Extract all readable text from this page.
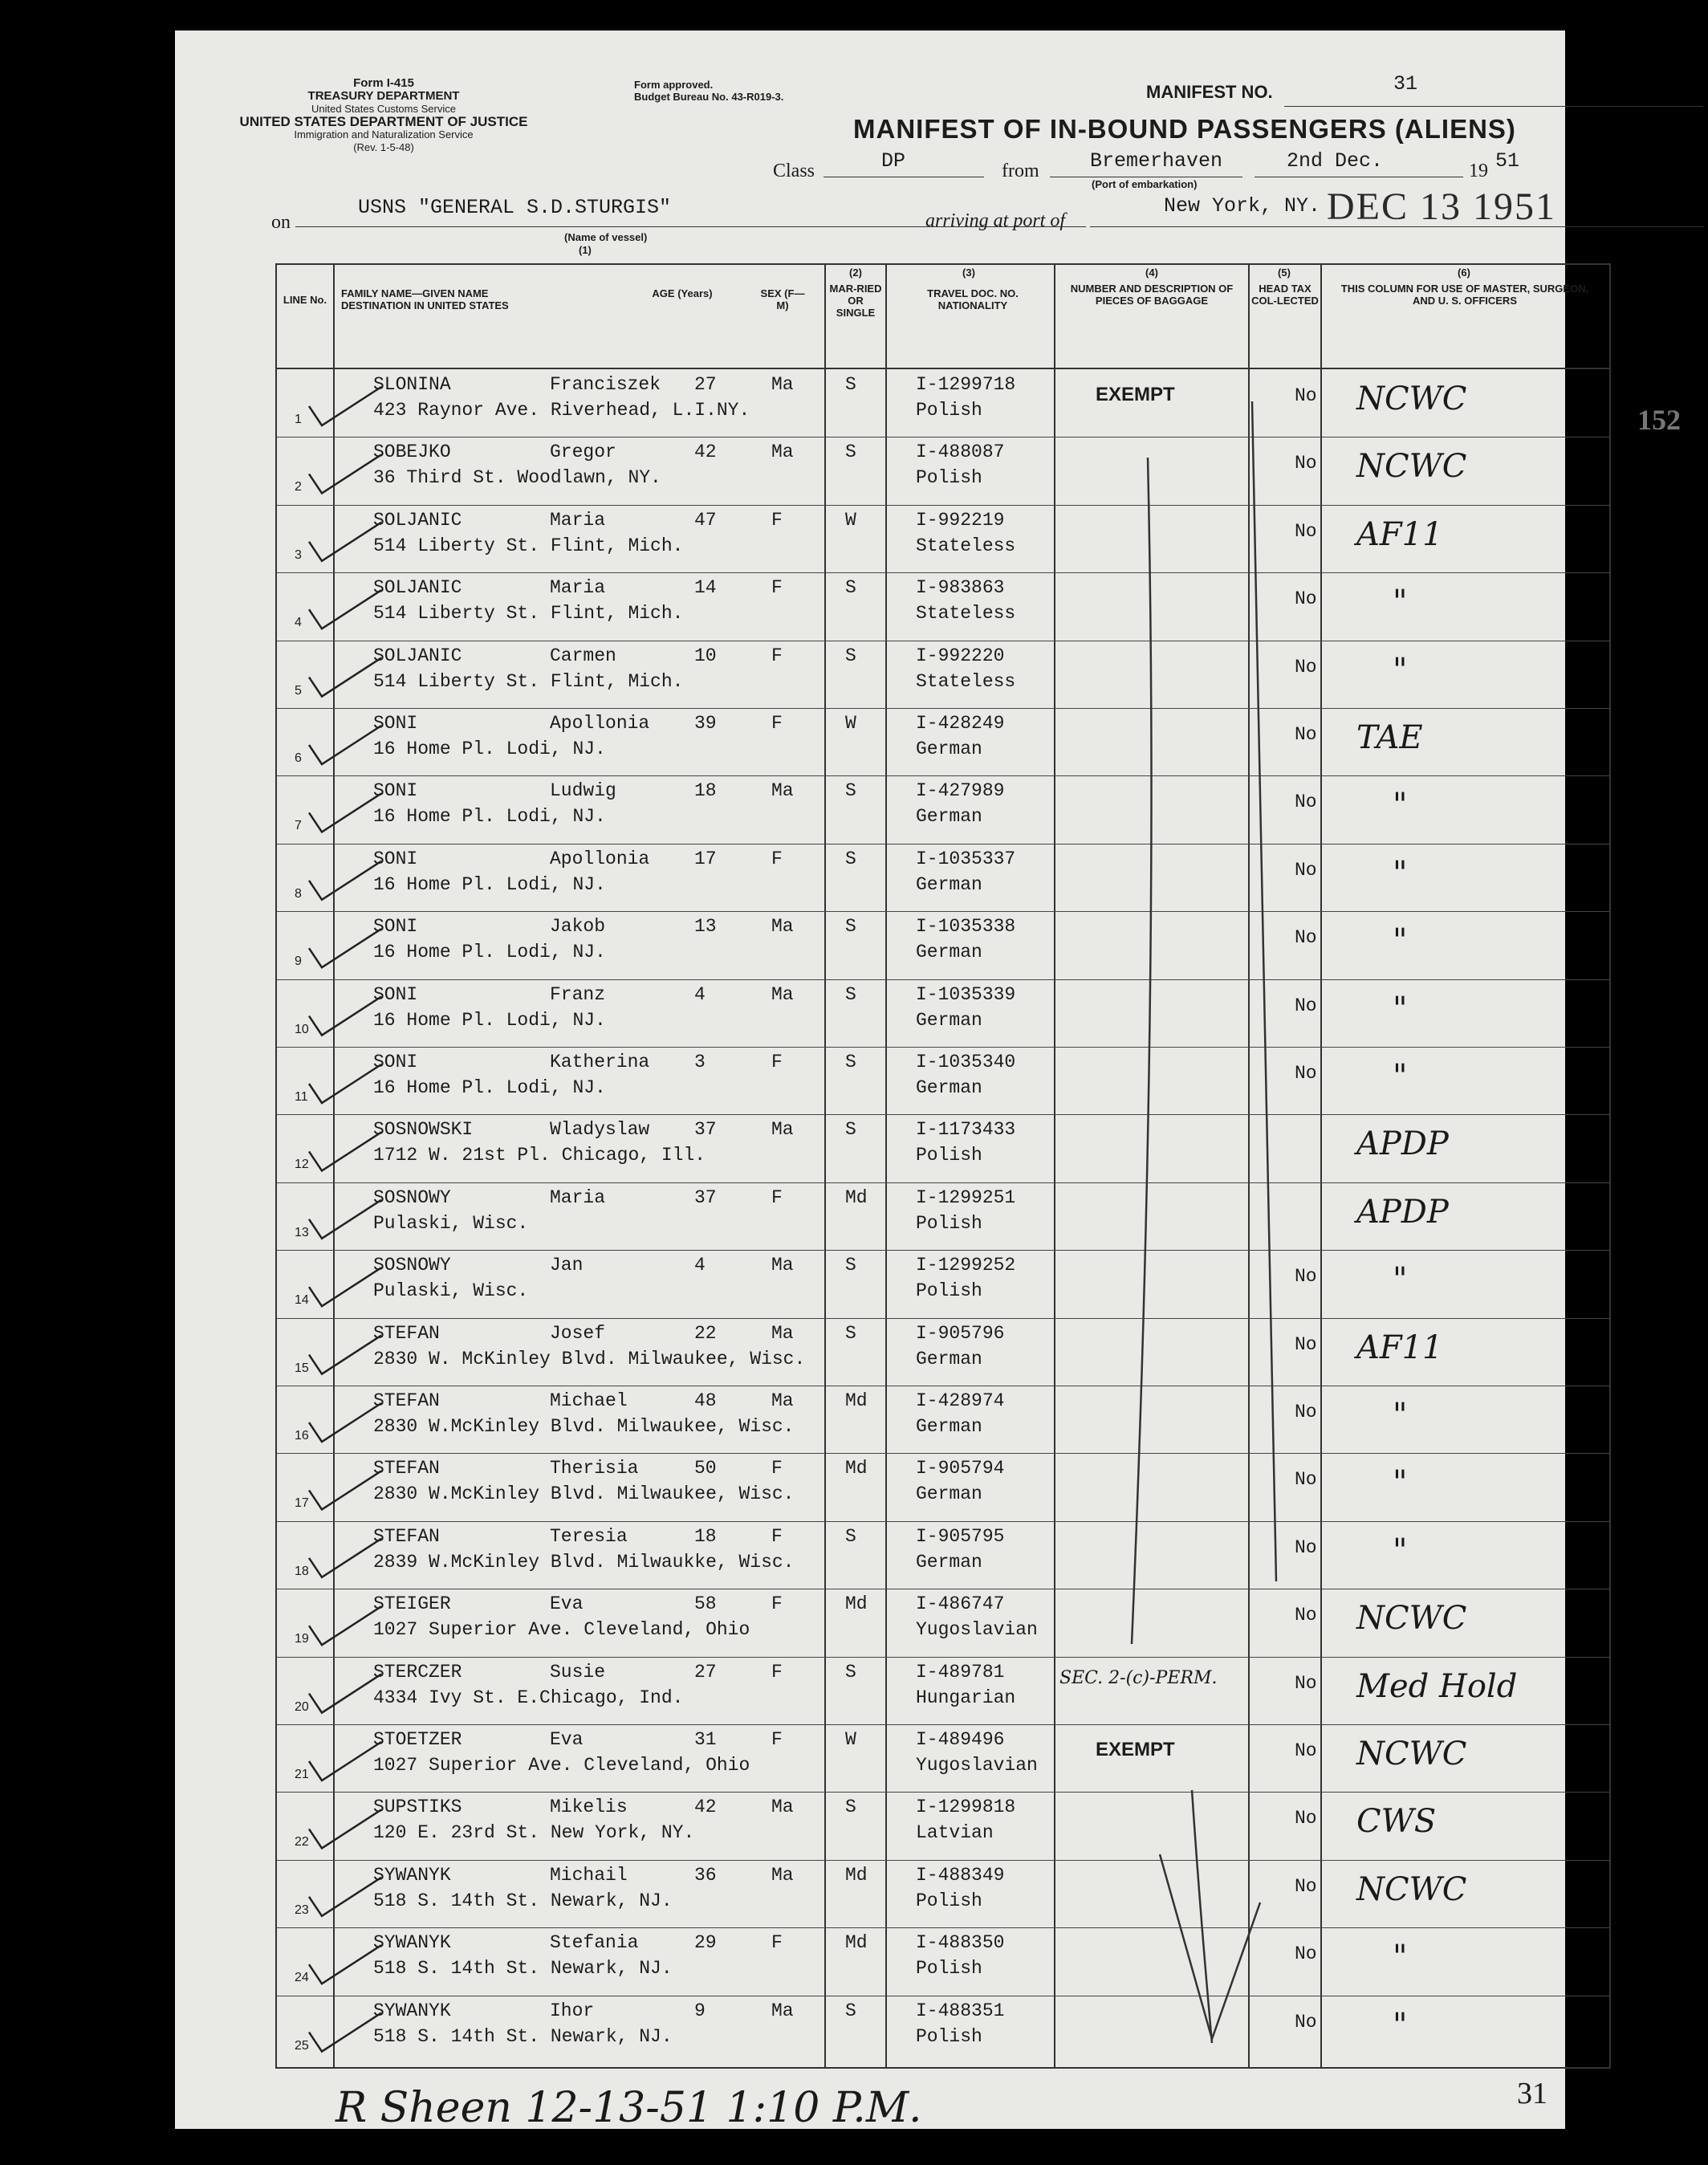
Form I-415
TREASURY DEPARTMENT
United States Customs Service
UNITED STATES DEPARTMENT OF JUSTICE
Immigration and Naturalization Service
(Rev. 1-5-48)
Form approved.
Budget Bureau No. 43-R019-3.	MANIFEST NO.	31
MANIFEST OF IN-BOUND PASSENGERS (ALIENS)
Class	DP	from	Bremerhaven
(Port of embarkation)
2nd Dec.	19 51
on
USNS "GENERAL S.D.STURGIS"
(Name of vessel)
(1)
arriving at port of
New York, NY. DEC 13 1951
152
LINE No.
FAMILY NAME—GIVEN NAME
DESTINATION IN UNITED STATES
AGE (Years)	SEX (F—M)
(2)
MAR-RIED OR SINGLE
(3)
TRAVEL DOC. NO. NATIONALITY
(4)
NUMBER AND DESCRIPTION OF PIECES OF BAGGAGE
(5)
HEAD TAX COL-LECTED
(6)
THIS COLUMN FOR USE OF MASTER, SURGEON, AND U. S. OFFICERS
1
SLONINA	Franciszek 27	Ma	S	I-1299718
423 Raynor Ave. Riverhead, L.I.NY.	Polish
No
EXEMPT	NCWC
2
SOBEJKO	Gregor	42	Ma	S	I-488087
36 Third St. Woodlawn, NY.	Polish
No NCWC
3
SOLJANIC	Maria	47	F	W	I-992219
514 Liberty St. Flint, Mich.	Stateless
No AF11
4
SOLJANIC	Maria	14	F	S	I-983863
514 Liberty St. Flint, Mich.	Stateless
No "
5
SOLJANIC	Carmen	10	F	S	I-992220
514 Liberty St. Flint, Mich.	Stateless
No "
6
SONI	Apollonia 39	F	W	I-428249
16 Home Pl. Lodi, NJ.	German
No TAE
7
SONI	Ludwig	18	Ma	S	I-427989
16 Home Pl. Lodi, NJ.	German
No "
8
SONI	Apollonia 17	F	S	I-1035337
16 Home Pl. Lodi, NJ.	German
No "
9
SONI	Jakob	13	Ma	S	I-1035338
16 Home Pl. Lodi, NJ.	German
No "
10
SONI	Franz	4	Ma	S	I-1035339
16 Home Pl. Lodi, NJ.	German
No "
11
SONI	Katherina 3	F	S	I-1035340
16 Home Pl. Lodi, NJ.	German
No "
12
SOSNOWSKI	Wladyslaw 37	Ma	S	I-1173433
1712 W. 21st Pl. Chicago, Ill.	Polish	APDP
13
SOSNOWY	Maria	37	F	Md	I-1299251
Pulaski, Wisc.	Polish	APDP
14
SOSNOWY	Jan	4	Ma	S	I-1299252
Pulaski, Wisc.	Polish
No "
15
STEFAN	Josef	22	Ma	S	I-905796
2830 W. McKinley Blvd. Milwaukee, Wisc.	German
No AF11
16
STEFAN	Michael	48	Ma	Md	I-428974
2830 W.McKinley Blvd. Milwaukee, Wisc.	German
No "
17
STEFAN	Therisia	50	F	Md	I-905794
2830 W.McKinley Blvd. Milwaukee, Wisc.	German
No "
18
STEFAN	Teresia	18	F	S	I-905795
2839 W.McKinley Blvd. Milwaukke, Wisc.	German
No "
19
STEIGER	Eva	58	F	Md	I-486747
1027 Superior Ave. Cleveland, Ohio	Yugoslavian
No NCWC
20
STERCZER	Susie	27	F	S	I-489781
4334 Ivy St. E.Chicago, Ind.	Hungarian
No
SEC. 2-(c)-PERM.	Med Hold
21
STOETZER	Eva	31	F	W	I-489496
1027 Superior Ave. Cleveland, Ohio	Yugoslavian
No
EXEMPT	NCWC
22
SUPSTIKS	Mikelis	42	Ma	S	I-1299818
120 E. 23rd St. New York, NY.	Latvian
No CWS
23
SYWANYK	Michail	36	Ma	Md	I-488349
518 S. 14th St. Newark, NJ.	Polish
No NCWC
24
SYWANYK	Stefania	29	F	Md	I-488350
518 S. 14th St. Newark, NJ.	Polish
No "
25
SYWANYK	Ihor	9	Ma	S	I-488351
518 S. 14th St. Newark, NJ.	Polish
No "
R Sheen 12-13-51 1:10 P.M.	31
